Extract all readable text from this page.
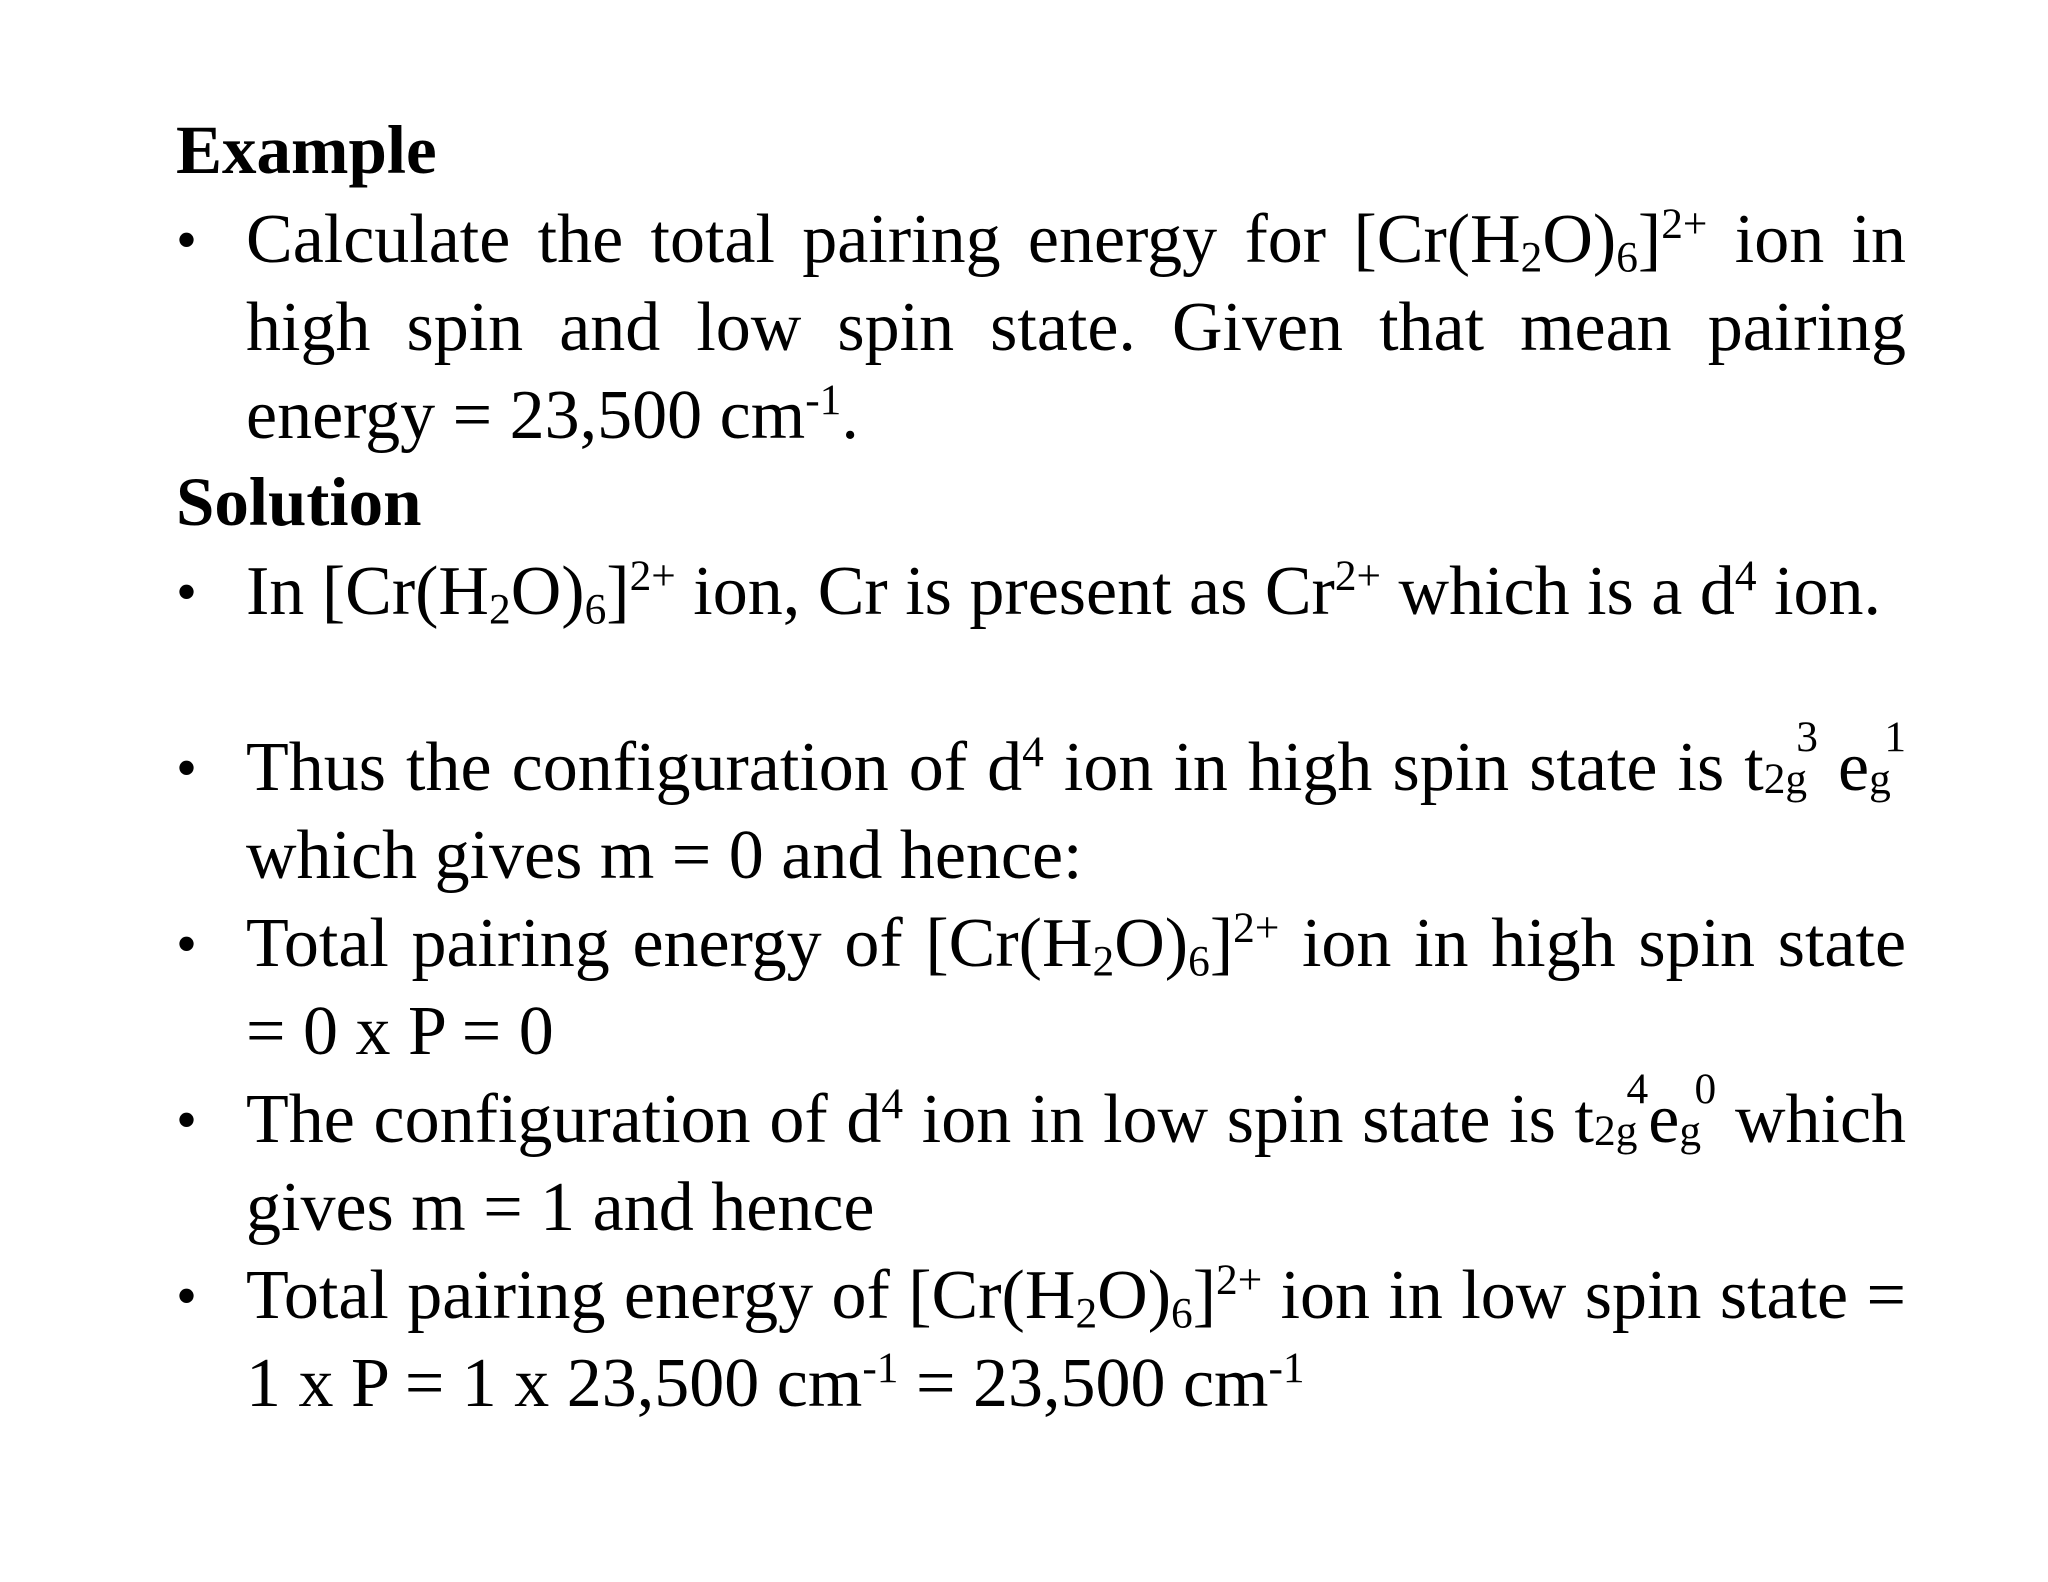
Example
• Calculate the total pairing energy for $[Cr(H_2O)_6]^{2+}$ ion in high spin and low spin state. Given that mean pairing energy = 23,500 $cm^{-1}$.
Solution
• In $[Cr(H_2O)_6]^{2+}$ ion, Cr is present as $Cr^{2+}$ which is a $d^4$ ion.
• Thus the configuration of $d^4$ ion in high spin state is t 2g
$^3$ e g
$^1$ which gives m = 0 and hence:
• Total pairing energy of $[Cr(H_2O)_6]^{2+}$ ion in high spin state = 0 x P = 0
• The configuration of $d^4$ ion in low spin state is t 2g
$^4$e g
$^0$ which gives m = 1 and hence
• Total pairing energy of $[Cr(H_2O)_6]^{2+}$ ion in low spin state = 1 x P = 1 x 23,500 $cm^{-1} = 23,500$ $cm^{-1}$
